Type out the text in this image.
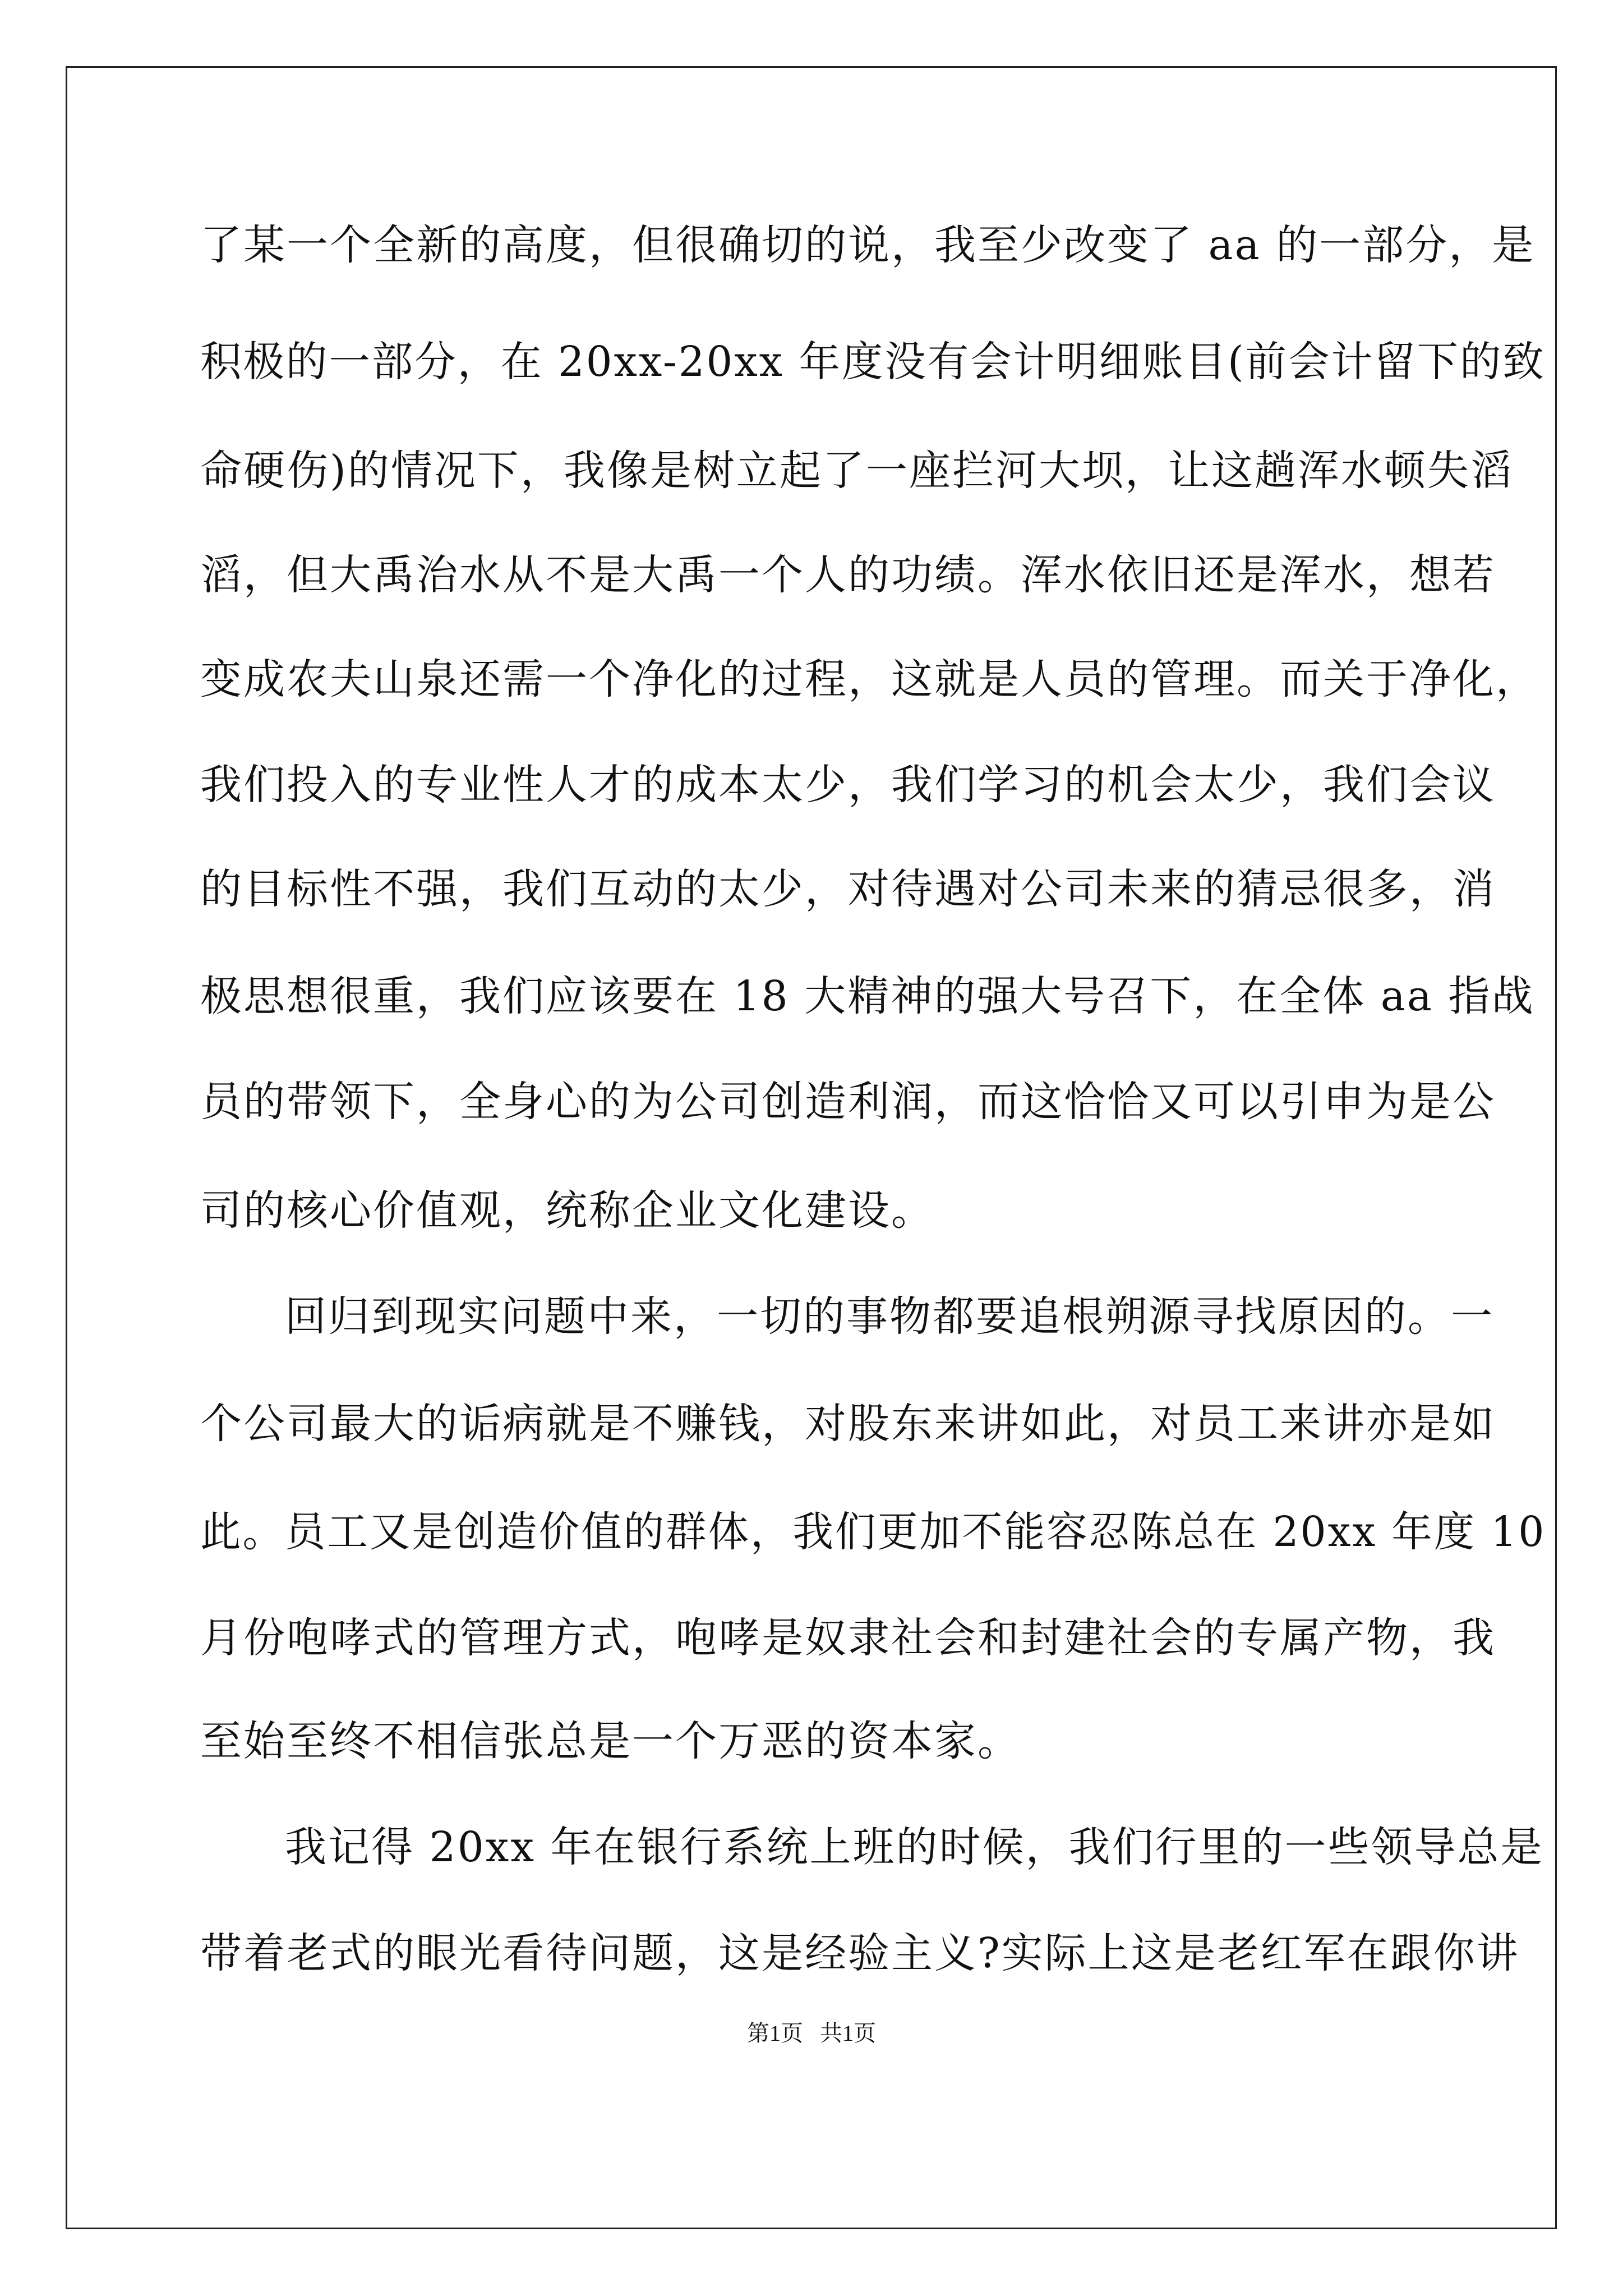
了某一个全新的高度，但很确切的说，我至少改变了 aa 的一部分，是
积极的一部分，在 20xx-20xx 年度没有会计明细账目(前会计留下的致
命硬伤)的情况下，我像是树立起了一座拦河大坝，让这趟浑水顿失滔
滔，但大禹治水从不是大禹一个人的功绩。浑水依旧还是浑水，想若
变成农夫山泉还需一个净化的过程，这就是人员的管理。而关于净化，
我们投入的专业性人才的成本太少，我们学习的机会太少，我们会议
的目标性不强，我们互动的太少，对待遇对公司未来的猜忌很多，消
极思想很重，我们应该要在 18 大精神的强大号召下，在全体 aa 指战
员的带领下，全身心的为公司创造利润，而这恰恰又可以引申为是公
司的核心价值观，统称企业文化建设。
回归到现实问题中来，一切的事物都要追根朔源寻找原因的。一
个公司最大的诟病就是不赚钱，对股东来讲如此，对员工来讲亦是如
此。员工又是创造价值的群体，我们更加不能容忍陈总在 20xx 年度 10
月份咆哮式的管理方式，咆哮是奴隶社会和封建社会的专属产物，我
至始至终不相信张总是一个万恶的资本家。
我记得 20xx 年在银行系统上班的时候，我们行里的一些领导总是
带着老式的眼光看待问题，这是经验主义?实际上这是老红军在跟你讲
第1页   共1页
